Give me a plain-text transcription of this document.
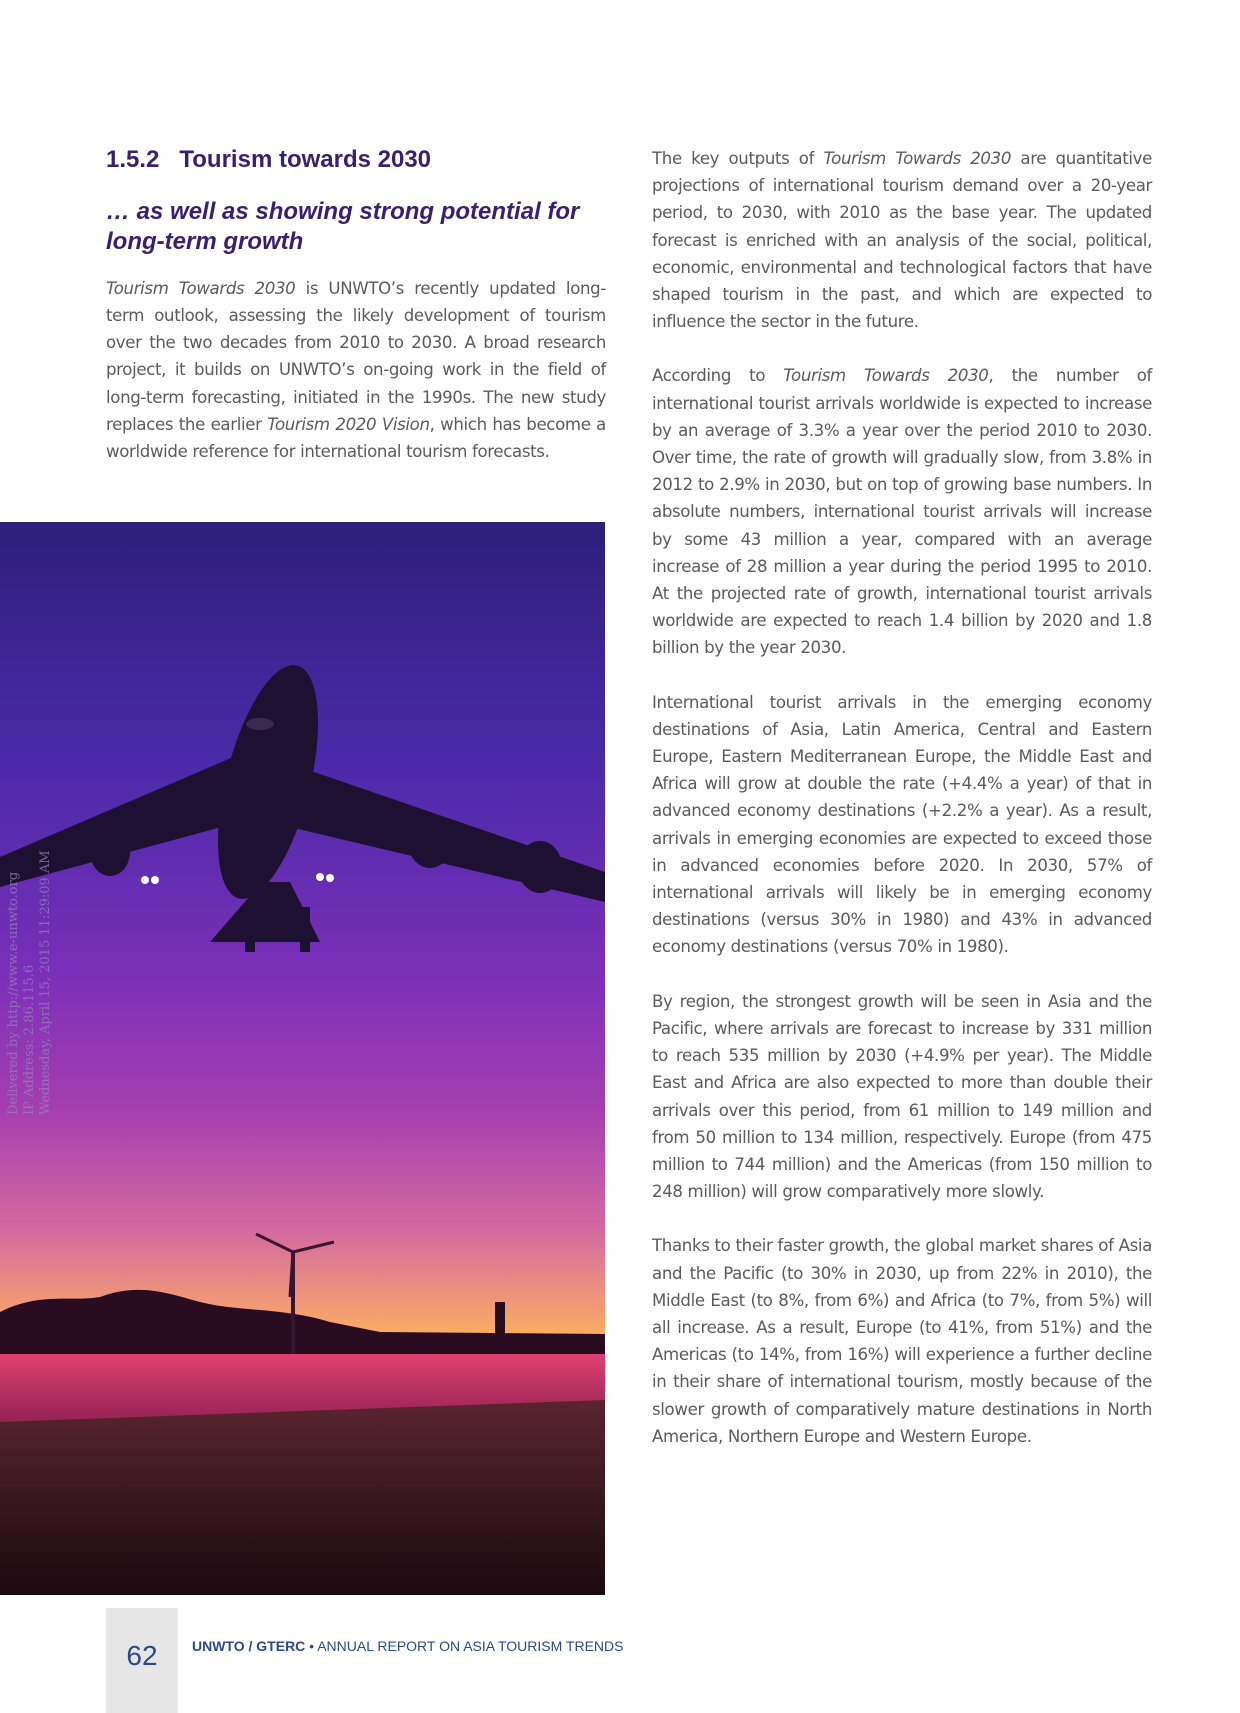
1.5.2 Tourism towards 2030
… as well as showing strong potential for long-term growth

Tourism Towards 2030 is UNWTO’s recently updated long-term outlook, assessing the likely development of tourism over the two decades from 2010 to 2030. A broad research project, it builds on UNWTO’s on-going work in the field of long-term forecasting, initiated in the 1990s. The new study replaces the earlier Tourism 2020 Vision, which has become a worldwide reference for international tourism forecasts.

Delivered by http://www.e-unwto.org IP Address: 2.86.115.6 Wednesday, April 15, 2015 11:29:09 AM

The key outputs of Tourism Towards 2030 are quantitative projections of international tourism demand over a 20-year period, to 2030, with 2010 as the base year. The updated forecast is enriched with an analysis of the social, political, economic, environmental and technological factors that have shaped tourism in the past, and which are expected to influence the sector in the future.

According to Tourism Towards 2030, the number of international tourist arrivals worldwide is expected to increase by an average of 3.3% a year over the period 2010 to 2030. Over time, the rate of growth will gradually slow, from 3.8% in 2012 to 2.9% in 2030, but on top of growing base numbers. In absolute numbers, international tourist arrivals will increase by some 43 million a year, compared with an average increase of 28 million a year during the period 1995 to 2010. At the projected rate of growth, international tourist arrivals worldwide are expected to reach 1.4 billion by 2020 and 1.8 billion by the year 2030.

International tourist arrivals in the emerging economy destinations of Asia, Latin America, Central and Eastern Europe, Eastern Mediterranean Europe, the Middle East and Africa will grow at double the rate (+4.4% a year) of that in advanced economy destinations (+2.2% a year). As a result, arrivals in emerging economies are expected to exceed those in advanced economies before 2020. In 2030, 57% of international arrivals will likely be in emerging economy destinations (versus 30% in 1980) and 43% in advanced economy destinations (versus 70% in 1980).

By region, the strongest growth will be seen in Asia and the Pacific, where arrivals are forecast to increase by 331 million to reach 535 million by 2030 (+4.9% per year). The Middle East and Africa are also expected to more than double their arrivals over this period, from 61 million to 149 million and from 50 million to 134 million, respectively. Europe (from 475 million to 744 million) and the Americas (from 150 million to 248 million) will grow comparatively more slowly.

Thanks to their faster growth, the global market shares of Asia and the Pacific (to 30% in 2030, up from 22% in 2010), the Middle East (to 8%, from 6%) and Africa (to 7%, from 5%) will all increase. As a result, Europe (to 41%, from 51%) and the Americas (to 14%, from 16%) will experience a further decline in their share of international tourism, mostly because of the slower growth of comparatively mature destinations in North America, Northern Europe and Western Europe.

62	UNWTO / GTERC • ANNUAL REPORT ON ASIA TOURISM TRENDS
